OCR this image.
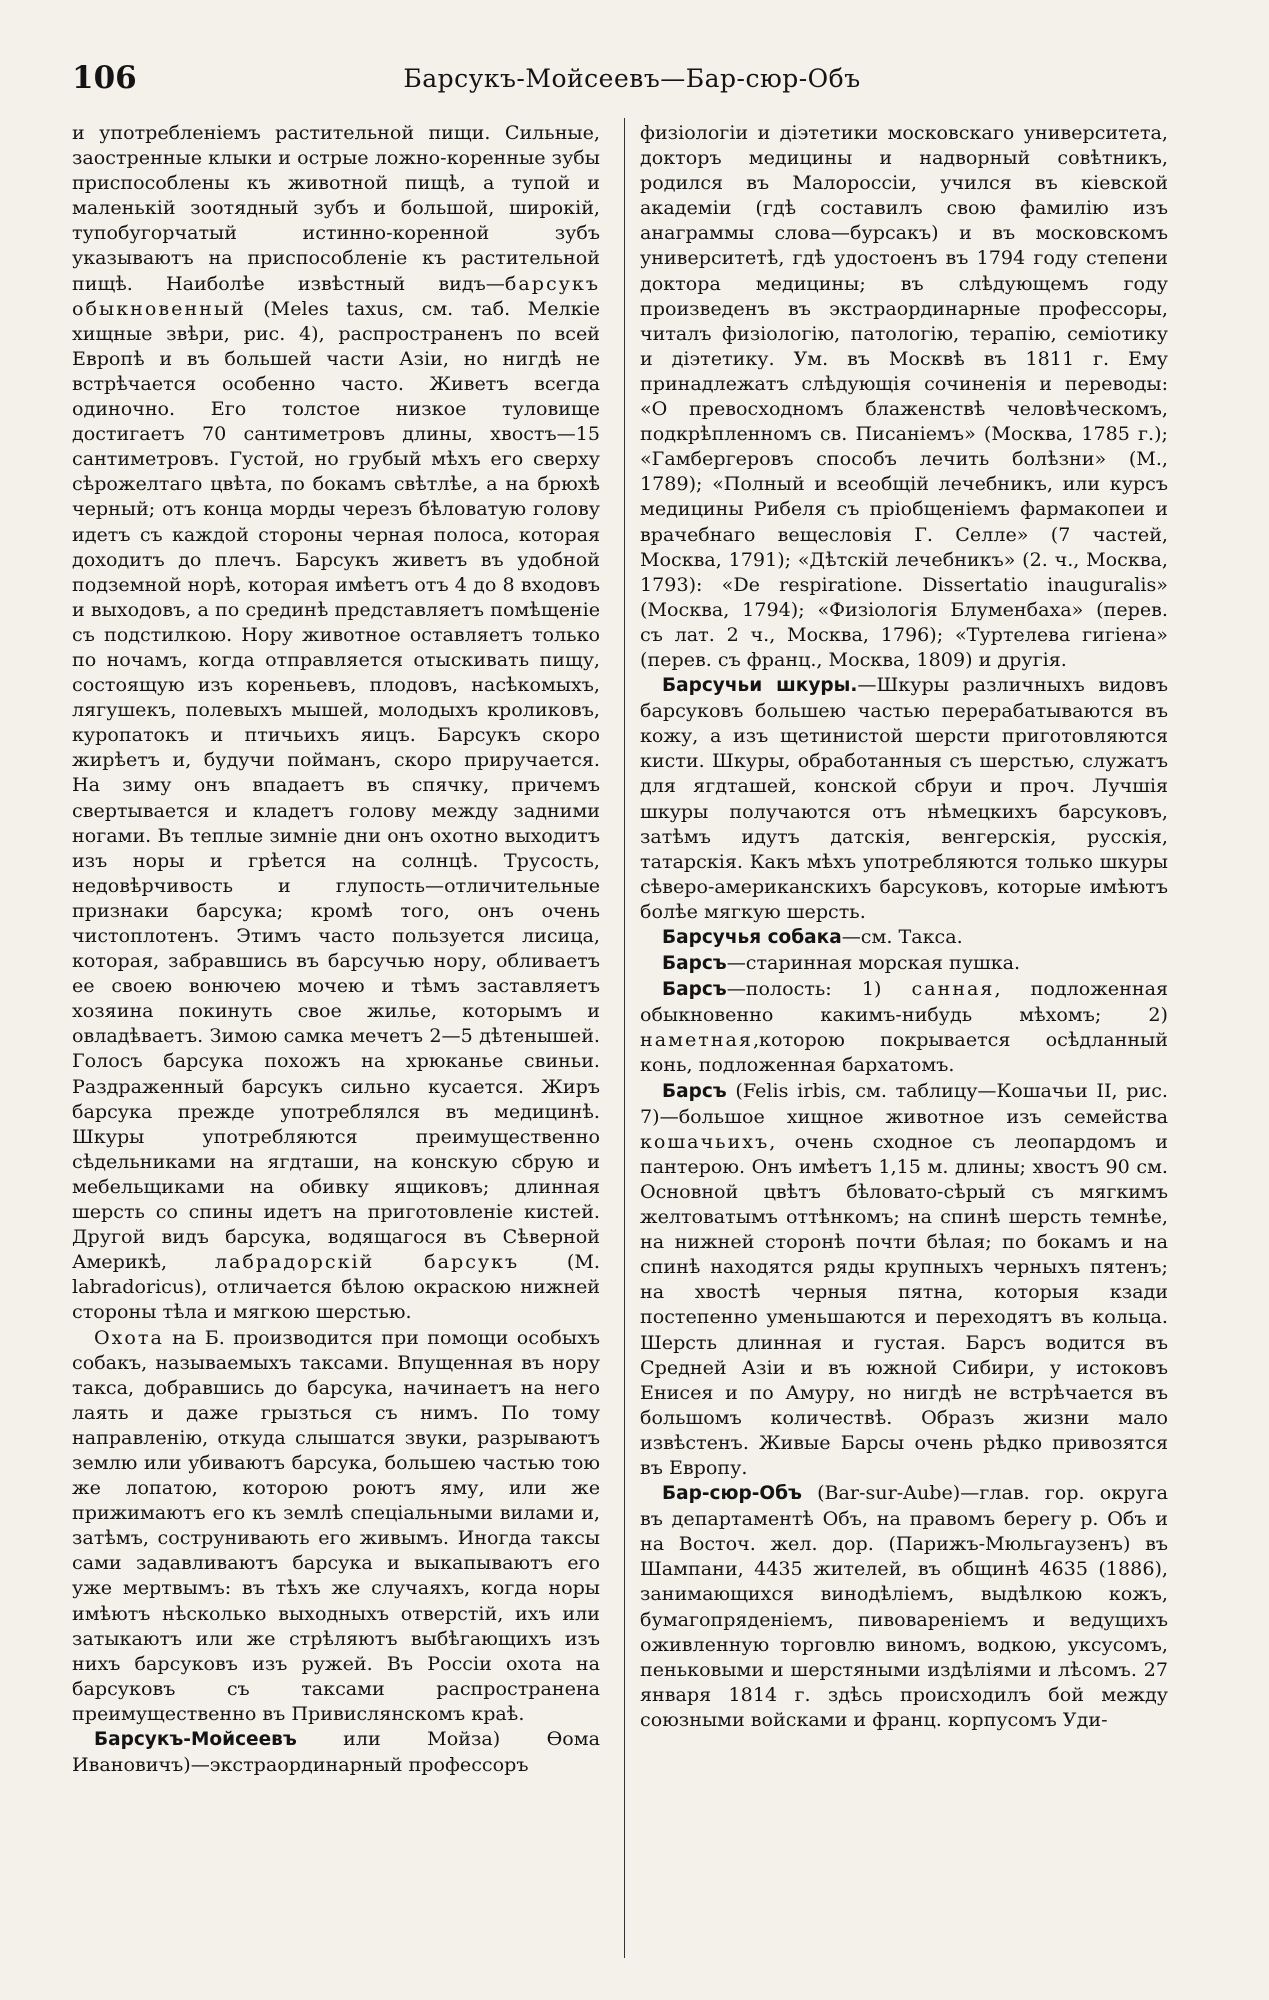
106	Барсукъ-Мойсеевъ—Бар-сюр-Объ

и употребленіемъ растительной пищи. Сильные, заостренные клыки и острые ложно-коренные зубы приспособлены къ животной пищѣ, а тупой и маленькій зоотядный зубъ и большой, широкій, тупобугорчатый истинно-коренной зубъ указываютъ на приспособленіе къ растительной пищѣ. Наиболѣе извѣстный видъ—барсукъ обыкновенный (Meles taxus, см. таб. Мелкіе хищные звѣри, рис. 4), распространенъ по всей Европѣ и въ большей части Азіи, но нигдѣ не встрѣчается особенно часто. Живетъ всегда одиночно. Его толстое низкое туловище достигаетъ 70 сантиметровъ длины, хвостъ—15 сантиметровъ. Густой, но грубый мѣхъ его сверху сѣрожелтаго цвѣта, по бокамъ свѣтлѣе, а на брюхѣ черный; отъ конца морды черезъ бѣловатую голову идетъ съ каждой стороны черная полоса, которая доходитъ до плечъ. Барсукъ живетъ въ удобной подземной норѣ, которая имѣетъ отъ 4 до 8 входовъ и выходовъ, а по срединѣ представляетъ помѣщеніе съ подстилкою. Нору животное оставляетъ только по ночамъ, когда отправляется отыскивать пищу, состоящую изъ кореньевъ, плодовъ, насѣкомыхъ, лягушекъ, полевыхъ мышей, молодыхъ кроликовъ, куропатокъ и птичьихъ яицъ. Барсукъ скоро жирѣетъ и, будучи пойманъ, скоро приручается. На зиму онъ впадаетъ въ спячку, причемъ свертывается и кладетъ голову между задними ногами. Въ теплые зимніе дни онъ охотно выходитъ изъ норы и грѣется на солнцѣ. Трусость, недовѣрчивость и глупость—отличительные признаки барсука; кромѣ того, онъ очень чистоплотенъ. Этимъ часто пользуется лисица, которая, забравшись въ барсучью нору, обливаетъ ее своею вонючею мочею и тѣмъ заставляетъ хозяина покинуть свое жилье, которымъ и овладѣваетъ. Зимою самка мечетъ 2—5 дѣтенышей. Голосъ барсука похожъ на хрюканье свиньи. Раздраженный барсукъ сильно кусается. Жиръ барсука прежде употреблялся въ медицинѣ. Шкуры употребляются преимущественно сѣдельниками на ягдташи, на конскую сбрую и мебельщиками на обивку ящиковъ; длинная шерсть со спины идетъ на приготовленіе кистей. Другой видъ барсука, водящагося въ Сѣверной Америкѣ, лабрадорскій барсукъ (M. labradoricus), отличается бѣлою окраскою нижней стороны тѣла и мягкою шерстью.

Охота на Б. производится при помощи особыхъ собакъ, называемыхъ таксами. Впущенная въ нору такса, добравшись до барсука, начинаетъ на него лаять и даже грызться съ нимъ. По тому направленію, откуда слышатся звуки, разрываютъ землю или убиваютъ барсука, большею частью тою же лопатою, которою роютъ яму, или же прижимаютъ его къ землѣ спеціальными вилами и, затѣмъ, сострунивають его живымъ. Иногда таксы сами задавливаютъ барсука и выкапываютъ его уже мертвымъ: въ тѣхъ же случаяхъ, когда норы имѣютъ нѣсколько выходныхъ отверстій, ихъ или затыкаютъ или же стрѣляютъ выбѣгающихъ изъ нихъ барсуковъ изъ ружей. Въ Россіи охота на барсуковъ съ таксами распространена преимущественно въ Привислянскомъ краѣ.

Барсукъ-Мойсеевъ или Мойза) Ѳома Ивановичъ)—экстраординарный профессоръ

физіологіи и діэтетики московскаго университета, докторъ медицины и надворный совѣтникъ, родился въ Малороссіи, учился въ кіевской академіи (гдѣ составилъ свою фамилію изъ анаграммы слова—бурсакъ) и въ московскомъ университетѣ, гдѣ удостоенъ въ 1794 году степени доктора медицины; въ слѣдующемъ году произведенъ въ экстраординарные профессоры, читалъ физіологію, патологію, терапію, семіотику и діэтетику. Ум. въ Москвѣ въ 1811 г. Ему принадлежатъ слѣдующія сочиненія и переводы: «О превосходномъ блаженствѣ человѣческомъ, подкрѣпленномъ св. Писаніемъ» (Москва, 1785 г.); «Гамбергеровъ способъ лечить болѣзни» (М., 1789); «Полный и всеобщій лечебникъ, или курсъ медицины Рибеля съ пріобщеніемъ фармакопеи и врачебнаго вещесловія Г. Селле» (7 частей, Москва, 1791); «Дѣтскій лечебникъ» (2. ч., Москва, 1793): «De respiratione. Dissertatio inauguralis» (Москва, 1794); «Физіологія Блуменбаха» (перев. съ лат. 2 ч., Москва, 1796); «Туртелева гигіена» (перев. съ франц., Москва, 1809) и другія.

Барсучьи шкуры.—Шкуры различныхъ видовъ барсуковъ большею частью перерабатываются въ кожу, а изъ щетинистой шерсти приготовляются кисти. Шкуры, обработанныя съ шерстью, служатъ для ягдташей, конской сбруи и проч. Лучшія шкуры получаются отъ нѣмецкихъ барсуковъ, затѣмъ идутъ датскія, венгерскія, русскія, татарскія. Какъ мѣхъ употребляются только шкуры сѣверо-американскихъ барсуковъ, которые имѣютъ болѣе мягкую шерсть.

Барсучья собака—см. Такса.

Барсъ—старинная морская пушка.

Барсъ—полость: 1) санная, подложенная обыкновенно какимъ-нибудь мѣхомъ; 2) наметная,которою покрывается осѣдланный конь, подложенная бархатомъ.

Барсъ (Felis irbis, см. таблицу—Кошачьи II, рис. 7)—большое хищное животное изъ семейства кошачьихъ, очень сходное съ леопардомъ и пантерою. Онъ имѣетъ 1,15 м. длины; хвостъ 90 см. Основной цвѣтъ бѣловато-сѣрый съ мягкимъ желтоватымъ оттѣнкомъ; на спинѣ шерсть темнѣе, на нижней сторонѣ почти бѣлая; по бокамъ и на спинѣ находятся ряды крупныхъ черныхъ пятенъ; на хвостѣ черныя пятна, которыя кзади постепенно уменьшаются и переходятъ въ кольца. Шерсть длинная и густая. Барсъ водится въ Средней Азіи и въ южной Сибири, у истоковъ Енисея и по Амуру, но нигдѣ не встрѣчается въ большомъ количествѣ. Образъ жизни мало извѣстенъ. Живые Барсы очень рѣдко привозятся въ Европу.

Бар-сюр-Объ (Bar-sur-Aube)—глав. гор. округа въ департаментѣ Объ, на правомъ берегу р. Объ и на Восточ. жел. дор. (Парижъ-Мюльгаузенъ) въ Шампани, 4435 жителей, въ общинѣ 4635 (1886), занимающихся винодѣліемъ, выдѣлкою кожъ, бумагопряденіемъ, пивовареніемъ и ведущихъ оживленную торговлю виномъ, водкою, уксусомъ, пеньковыми и шерстяными издѣліями и лѣсомъ. 27 января 1814 г. здѣсь происходилъ бой между союзными войсками и франц. корпусомъ Уди-
